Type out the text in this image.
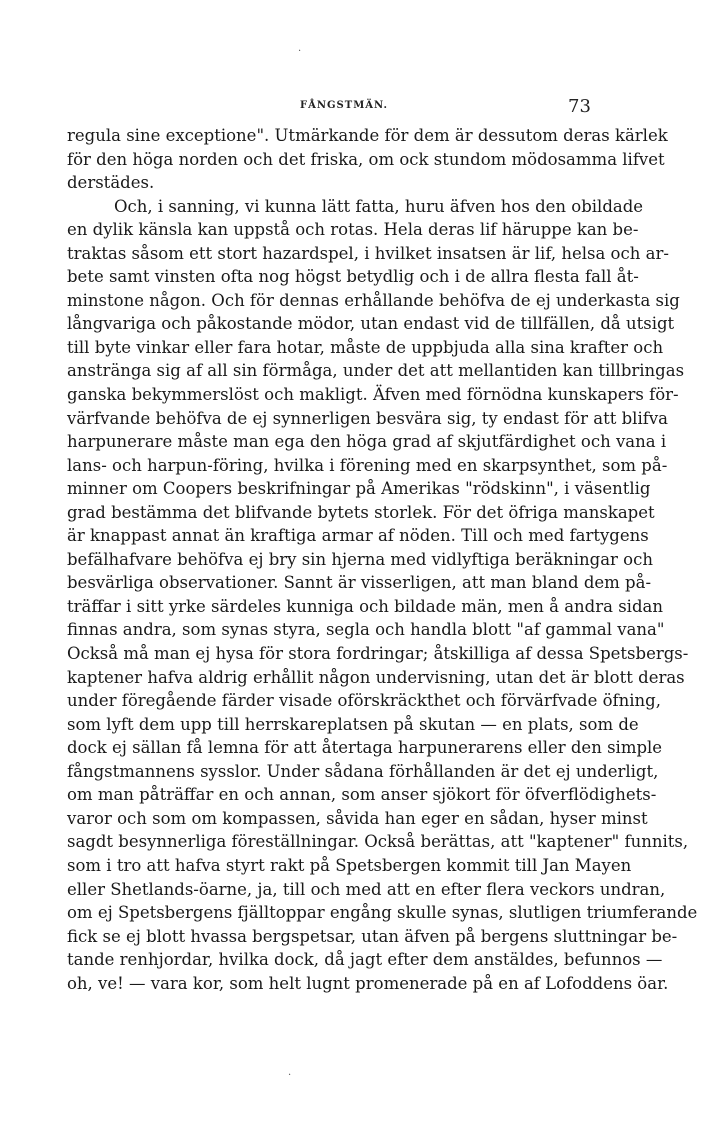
.
FÅNGSTMÄN.	73
regula sine exceptione". Utmärkande för dem är dessutom deras kärlek
för den höga norden och det friska, om ock stundom mödosamma lifvet
derstädes.
Och, i sanning, vi kunna lätt fatta, huru äfven hos den obildade
en dylik känsla kan uppstå och rotas. Hela deras lif häruppe kan be-
traktas såsom ett stort hazardspel, i hvilket insatsen är lif, helsa och ar-
bete samt vinsten ofta nog högst betydlig och i de allra flesta fall åt-
minstone någon. Och för dennas erhållande behöfva de ej underkasta sig
långvariga och påkostande mödor, utan endast vid de tillfällen, då utsigt
till byte vinkar eller fara hotar, måste de uppbjuda alla sina krafter och
anstränga sig af all sin förmåga, under det att mellantiden kan tillbringas
ganska bekymmerslöst och makligt. Äfven med förnödna kunskapers för-
värfvande behöfva de ej synnerligen besvära sig, ty endast för att blifva
harpunerare måste man ega den höga grad af skjutfärdighet och vana i
lans- och harpun-föring, hvilka i förening med en skarpsynthet, som på-
minner om Coopers beskrifningar på Amerikas "rödskinn", i väsentlig
grad bestämma det blifvande bytets storlek. För det öfriga manskapet
är knappast annat än kraftiga armar af nöden. Till och med fartygens
befälhafvare behöfva ej bry sin hjerna med vidlyftiga beräkningar och
besvärliga observationer. Sannt är visserligen, att man bland dem på-
träffar i sitt yrke särdeles kunniga och bildade män, men å andra sidan
finnas andra, som synas styra, segla och handla blott "af gammal vana"
Också må man ej hysa för stora fordringar; åtskilliga af dessa Spetsbergs-
kaptener hafva aldrig erhållit någon undervisning, utan det är blott deras
under föregående färder visade oförskräckthet och förvärfvade öfning,
som lyft dem upp till herrskareplatsen på skutan — en plats, som de
dock ej sällan få lemna för att återtaga harpunerarens eller den simple
fångstmannens sysslor. Under sådana förhållanden är det ej underligt,
om man påträffar en och annan, som anser sjökort för öfverflödighets-
varor och som om kompassen, såvida han eger en sådan, hyser minst
sagdt besynnerliga föreställningar. Också berättas, att "kaptener" funnits,
som i tro att hafva styrt rakt på Spetsbergen kommit till Jan Mayen
eller Shetlands-öarne, ja, till och med att en efter flera veckors undran,
om ej Spetsbergens fjälltoppar engång skulle synas, slutligen triumferande
fick se ej blott hvassa bergspetsar, utan äfven på bergens sluttningar be-
tande renhjordar, hvilka dock, då jagt efter dem anstäldes, befunnos —
oh, ve! — vara kor, som helt lugnt promenerade på en af Lofoddens öar.
.
